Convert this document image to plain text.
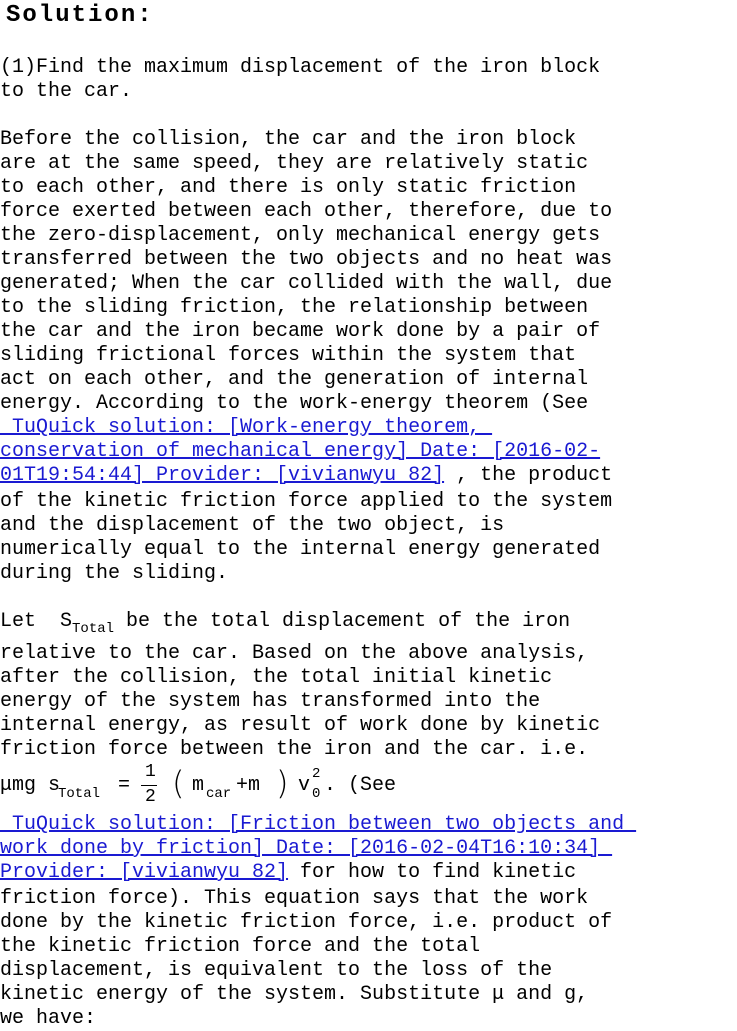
Solution:
(1)Find the maximum displacement of the iron block
to the car.
Before the collision, the car and the iron block
are at the same speed, they are relatively static
to each other, and there is only static friction
force exerted between each other, therefore, due to
the zero-displacement, only mechanical energy gets
transferred between the two objects and no heat was
generated; When the car collided with the wall, due
to the sliding friction, the relationship between
the car and the iron became work done by a pair of
sliding frictional forces within the system that
act on each other, and the generation of internal
energy. According to the work-energy theorem (See
TuQuick solution: [Work-energy theorem,
conservation of mechanical energy] Date: [2016-02-
01T19:54:44] Provider: [vivianwyu 82] , the product
of the kinetic friction force applied to the system
and the displacement of the two object, is
numerically equal to the internal energy generated
during the sliding.
Let  $S_{Total}$ be the total displacement of the iron
relative to the car. Based on the above analysis,
after the collision, the total initial kinetic
energy of the system has transformed into the
internal energy, as result of work done by kinetic
friction force between the iron and the car. i.e.
μmg s
Total =
1
2 ( m car +m ) v 2
0 . (See
TuQuick solution: [Friction between two objects and
work done by friction] Date: [2016-02-04T16:10:34]
Provider: [vivianwyu 82] for how to find kinetic
friction force). This equation says that the work
done by the kinetic friction force, i.e. product of
the kinetic friction force and the total
displacement, is equivalent to the loss of the
kinetic energy of the system. Substitute μ and g,
we have:
